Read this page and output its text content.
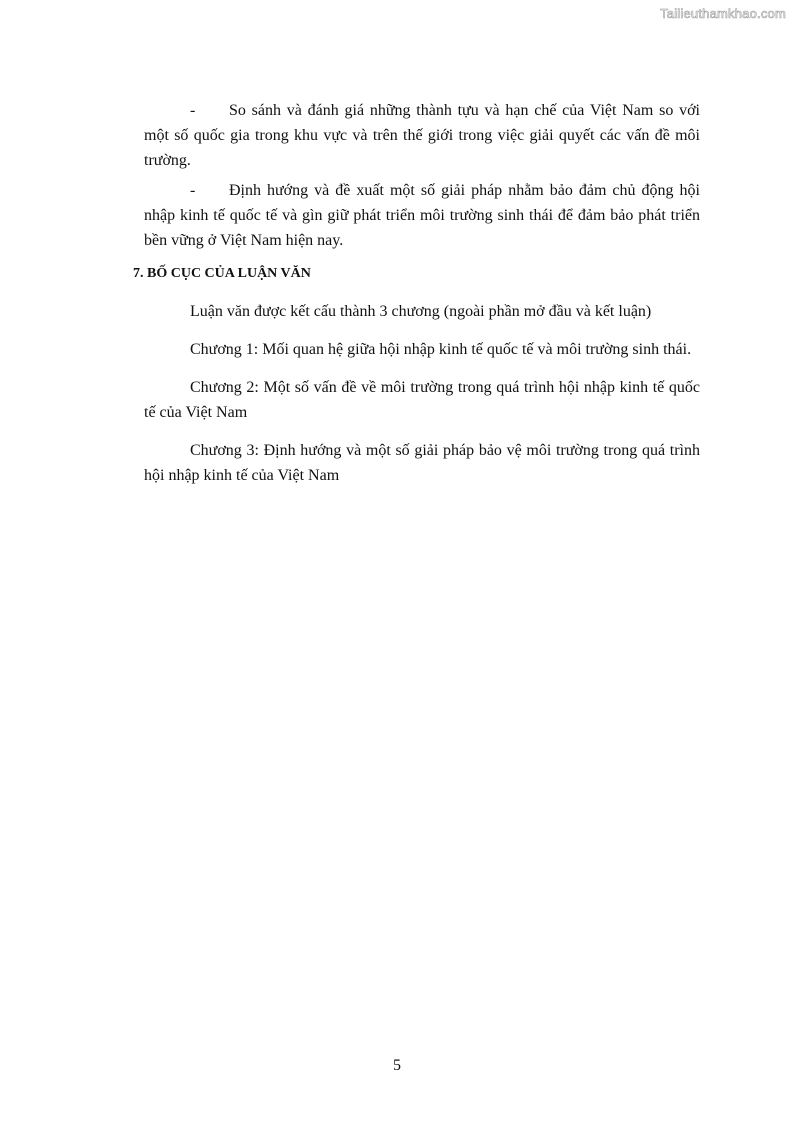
Tailieuthamkhao.com

- So sánh và đánh giá những thành tựu và hạn chế của Việt Nam so với một số quốc gia trong khu vực và trên thế giới trong việc giải quyết các vấn đề môi trường.

- Định hướng và đề xuất một số giải pháp nhằm bảo đảm chủ động hội nhập kinh tế quốc tế và gìn giữ phát triển môi trường sinh thái để đảm bảo phát triển bền vững ở Việt Nam hiện nay.

7. BỐ CỤC CỦA LUẬN VĂN

Luận văn được kết cấu thành 3 chương (ngoài phần mở đầu và kết luận)

Chương 1: Mối quan hệ giữa hội nhập kinh tế quốc tế và môi trường sinh thái.

Chương 2: Một số vấn đề về môi trường trong quá trình hội nhập kinh tế quốc tế của Việt Nam

Chương 3: Định hướng và một số giải pháp bảo vệ môi trường trong quá trình hội nhập kinh tế của Việt Nam

5
